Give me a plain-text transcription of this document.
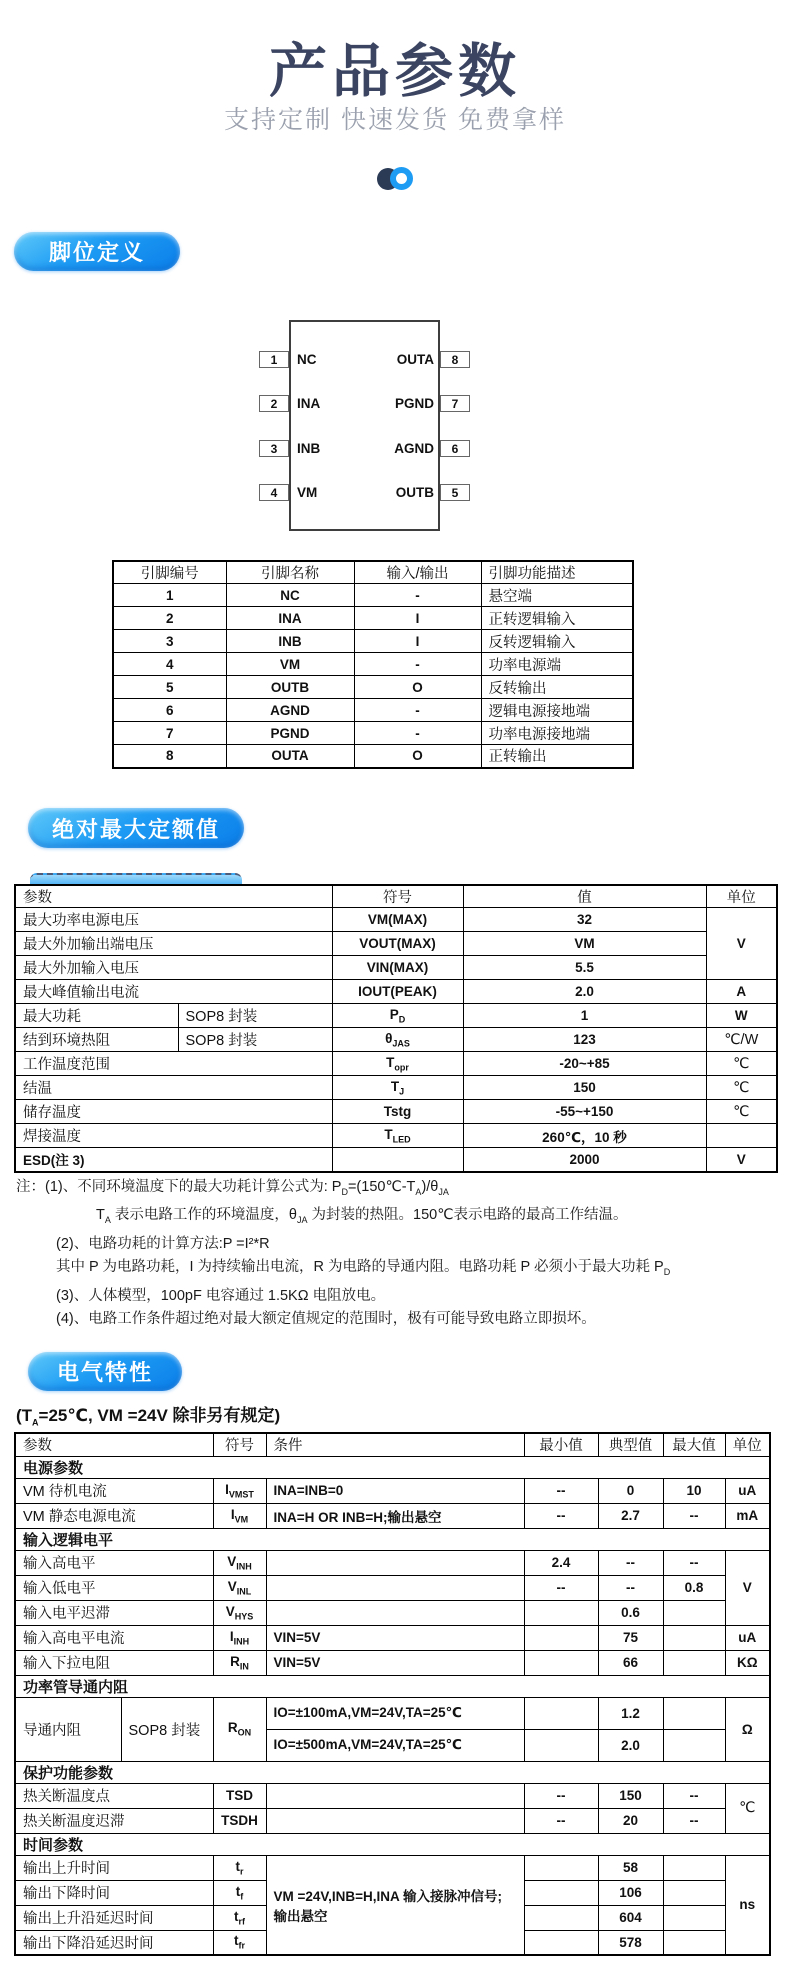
产品参数
支持定制 快速发货 免费拿样
脚位定义
绝对最大定额值
电气特性
1	NC
2	INA
3	INB
4	VM
8
OUTA
7
PGND
6
AGND
5
OUTB
引脚编号	引脚名称	输入/输出	引脚功能描述
1	NC	-	悬空端
2	INA	I	正转逻辑输入
3	INB	I	反转逻辑输入
4	VM	-	功率电源端
5	OUTB	O	反转输出
6	AGND	-	逻辑电源接地端
7	PGND	-	功率电源接地端
8	OUTA	O	正转输出
参数		符号	值	单位
最大功率电源电压		VM(MAX)	32	V
最大外加输出端电压		VOUT(MAX)	VM	
最大外加输入电压		VIN(MAX)	5.5	
最大峰值输出电流		IOUT(PEAK)	2.0	A
最大功耗	SOP8 封装	$P_D$	1	W
结到环境热阻	SOP8 封装	$\theta_{JAS}$	123	℃/W
工作温度范围		$T_{opr}$	-20~+85	℃
结温		$T_J$	150	℃
储存温度		Tstg	-55~+150	℃
焊接温度		$T_{LED}$	260℃，10 秒	
ESD(注 3)			2000	V
注：(1)、不同环境温度下的最大功耗计算公式为: $P_D=(150℃-T_A)/\theta_{JA}$
$T_A$ 表示电路工作的环境温度，$\theta_{JA}$ 为封装的热阻。150℃表示电路的最高工作结温。
(2)、电路功耗的计算方法:P =I²*R
其中 P 为电路功耗，I 为持续输出电流，R 为电路的导通内阻。电路功耗 P 必须小于最大功耗 $P_D$
(3)、人体模型，100pF 电容通过 1.5KΩ 电阻放电。
(4)、电路工作条件超过绝对最大额定值规定的范围时，极有可能导致电路立即损坏。
($T_A=25℃$, VM =24V 除非另有规定)
参数		符号	条件	最小值	典型值	最大值	单位
电源参数							
VM 待机电流		$I_{VMST}$	INA=INB=0	--	0	10	uA
VM 静态电源电流		$I_{VM}$	INA=H OR INB=H;输出悬空	--	2.7	--	mA
输入逻辑电平							
输入高电平		$V_{INH}$		2.4	--	--	V
输入低电平		$V_{INL}$		--	--	0.8	
输入电平迟滞		$V_{HYS}$			0.6		
输入高电平电流		$I_{INH}$	VIN=5V		75		uA
输入下拉电阻		$R_{IN}$	VIN=5V		66		KΩ
功率管导通内阻							
导通内阻	SOP8 封装	$R_{ON}$	IO=±100mA,VM=24V,TA=25℃		1.2		Ω
			IO=±500mA,VM=24V,TA=25℃		2.0		
保护功能参数							
热关断温度点		TSD		--	150	--	℃
热关断温度迟滞		TSDH		--	20	--	
时间参数							
输出上升时间		$t_r$	VM =24V,INB=H,INA 输入接脉冲信号; 输出悬空		58		ns
输出下降时间		$t_f$			106		
输出上升沿延迟时间		$t_{rf}$			604		
输出下降沿延迟时间		$t_{fr}$			578		
